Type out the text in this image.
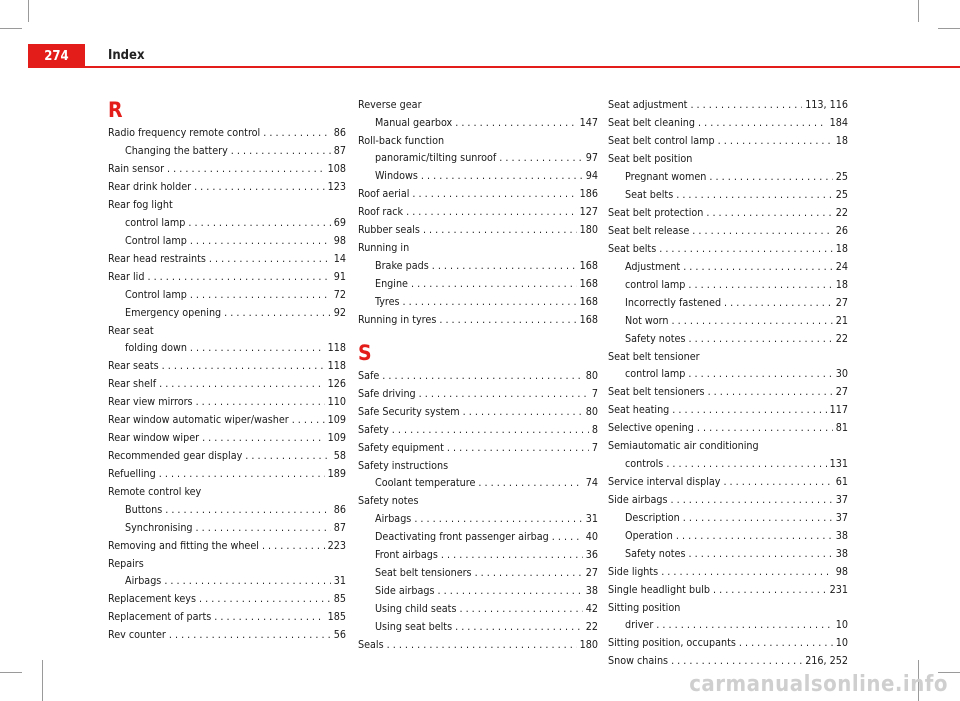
274	Index
R
Radio frequency remote control . . .	86
Changing the battery . . .	87
Rain sensor . . .	108
Rear drink holder . . .	123
Rear fog light
control lamp . . .	69
Control lamp . . .	98
Rear head restraints . . .	14
Rear lid . . .	91
Control lamp . . .	72
Emergency opening . . .	92
Rear seat
folding down . . .	118
Rear seats . . .	118
Rear shelf . . .	126
Rear view mirrors . . .	110
Rear window automatic wiper/washer . . .	109
Rear window wiper . . .	109
Recommended gear display . . .	58
Refuelling . . .	189
Remote control key
Buttons . . .	86
Synchronising . . .	87
Removing and fitting the wheel . . .	223
Repairs
Airbags . . .	31
Replacement keys . . .	85
Replacement of parts . . .	185
Rev counter . . .	56
Reverse gear
Manual gearbox . . .	147
Roll-back function
panoramic/tilting sunroof . . .	97
Windows . . .	94
Roof aerial . . .	186
Roof rack . . .	127
Rubber seals . . .	180
Running in
Brake pads . . .	168
Engine . . .	168
Tyres . . .	168
Running in tyres . . .	168
S
Safe . . .	80
Safe driving . . .	7
Safe Security system . . .	80
Safety . . .	8
Safety equipment . . .	7
Safety instructions
Coolant temperature . . .	74
Safety notes
Airbags . . .	31
Deactivating front passenger airbag . . .	40
Front airbags . . .	36
Seat belt tensioners . . .	27
Side airbags . . .	38
Using child seats . . .	42
Using seat belts . . .	22
Seals . . .	180
Seat adjustment . . .	113, 116
Seat belt cleaning . . .	184
Seat belt control lamp . . .	18
Seat belt position
Pregnant women . . .	25
Seat belts . . .	25
Seat belt protection . . .	22
Seat belt release . . .	26
Seat belts . . .	18
Adjustment . . .	24
control lamp . . .	18
Incorrectly fastened . . .	27
Not worn . . .	21
Safety notes . . .	22
Seat belt tensioner
control lamp . . .	30
Seat belt tensioners . . .	27
Seat heating . . .	117
Selective opening . . .	81
Semiautomatic air conditioning
controls . . .	131
Service interval display . . .	61
Side airbags . . .	37
Description . . .	37
Operation . . .	38
Safety notes . . .	38
Side lights . . .	98
Single headlight bulb . . .	231
Sitting position
driver . . .	10
Sitting position, occupants . . .	10
Snow chains . . .	216, 252
carmanualsonline.info
